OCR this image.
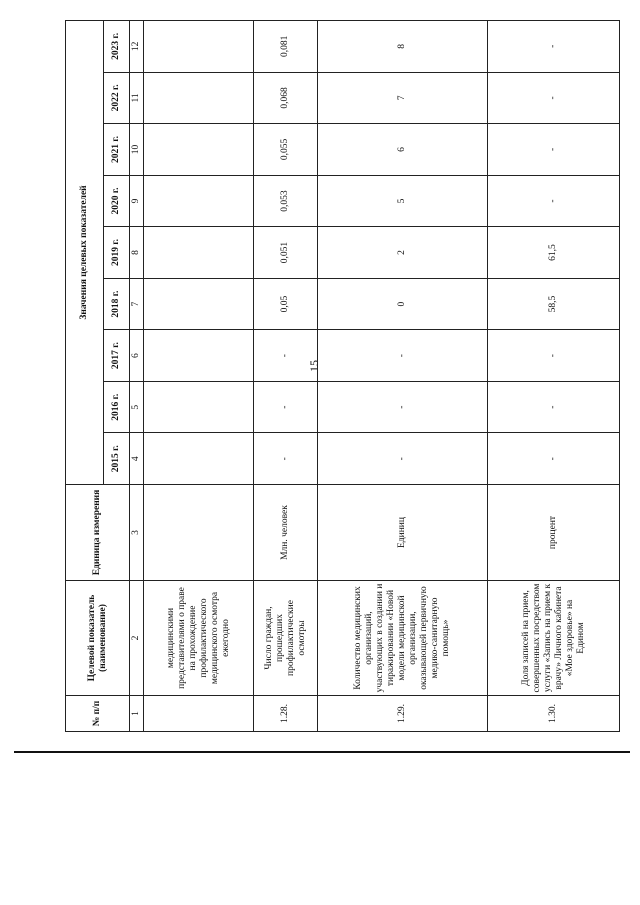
15
№ п/п	Целевой показатель (наименование)	Единица измерения	Значения целевых показателей								
			2015 г.	2016 г.	2017 г.	2018 г.	2019 г.	2020 г.	2021 г.	2022 г.	2023 г.
1	2	3	4	5	6	7	8	9	10	11	12
	медицинскими представителями о праве на прохождение профилактического медицинского осмотра ежегодно										
1.28.	Число граждан, прошедших профилактические осмотры	Млн. человек	-	-	-	0,05	0,051	0,053	0,055	0,068	0,081
1.29.	Количество медицинских организаций, участвующих в создании и тиражировании «Новой модели медицинской организации, оказывающей первичную медико-санитарную помощь»	Единиц	-	-	-	0	2	5	6	7	8
1.30.	Доля записей на прием, совершенных посредством услуги «Запись на прием к врачу» Личного кабинета «Мое здоровье» на Едином	процент	-	-	-	58,5	61,5	-	-	-	-
